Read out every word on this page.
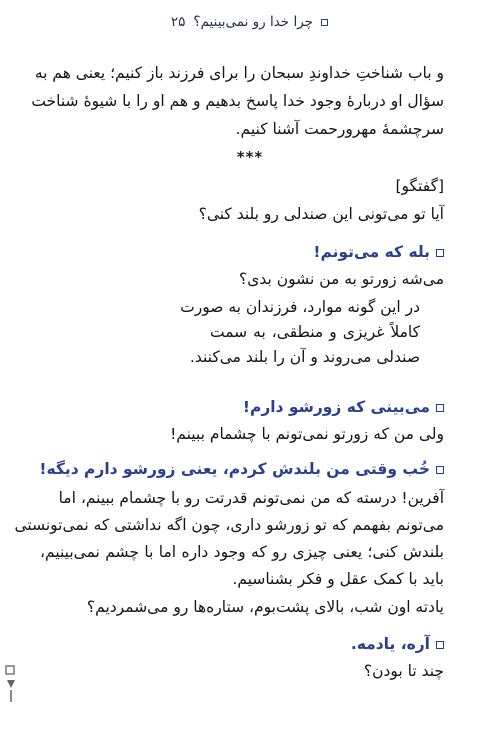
چرا خدا رو نمی‌بینیم؟
۲۵
و باب شناختِ خداوندِ سبحان را برای فرزند باز کنیم؛ یعنی هم به
سؤال او دربارهٔ وجود خدا پاسخ بدهیم و هم او را با شیوهٔ شناخت
سرچشمهٔ مهرورحمت آشنا کنیم.
***
[گفتگو]
آیا تو می‌تونی این صندلی رو بلند کنی؟
بله که می‌تونم!
می‌شه زورتو به من نشون بدی؟
در این گونه موارد، فرزندان به صورت
کاملاً غریزی و منطقی، به سمت
صندلی می‌روند و آن را بلند می‌کنند.
می‌بینی که زورشو دارم!
ولی من که زورتو نمی‌تونم با چشمام ببینم!
خُب وقتی من بلندش کردم، یعنی زورشو دارم دیگه!
آفرین! درسته که من نمی‌تونم قدرتت رو با چشمام ببینم، اما
می‌تونم بفهمم که تو زورشو داری، چون اگه نداشتی که نمی‌تونستی
بلندش کنی؛ یعنی چیزی رو که وجود داره اما با چشم نمی‌بینیم،
باید با کمک عقل و فکر بشناسیم.
یادته اون شب، بالای پشت‌بوم، ستاره‌ها رو می‌شمردیم؟
آره، یادمه.
چند تا بودن؟
